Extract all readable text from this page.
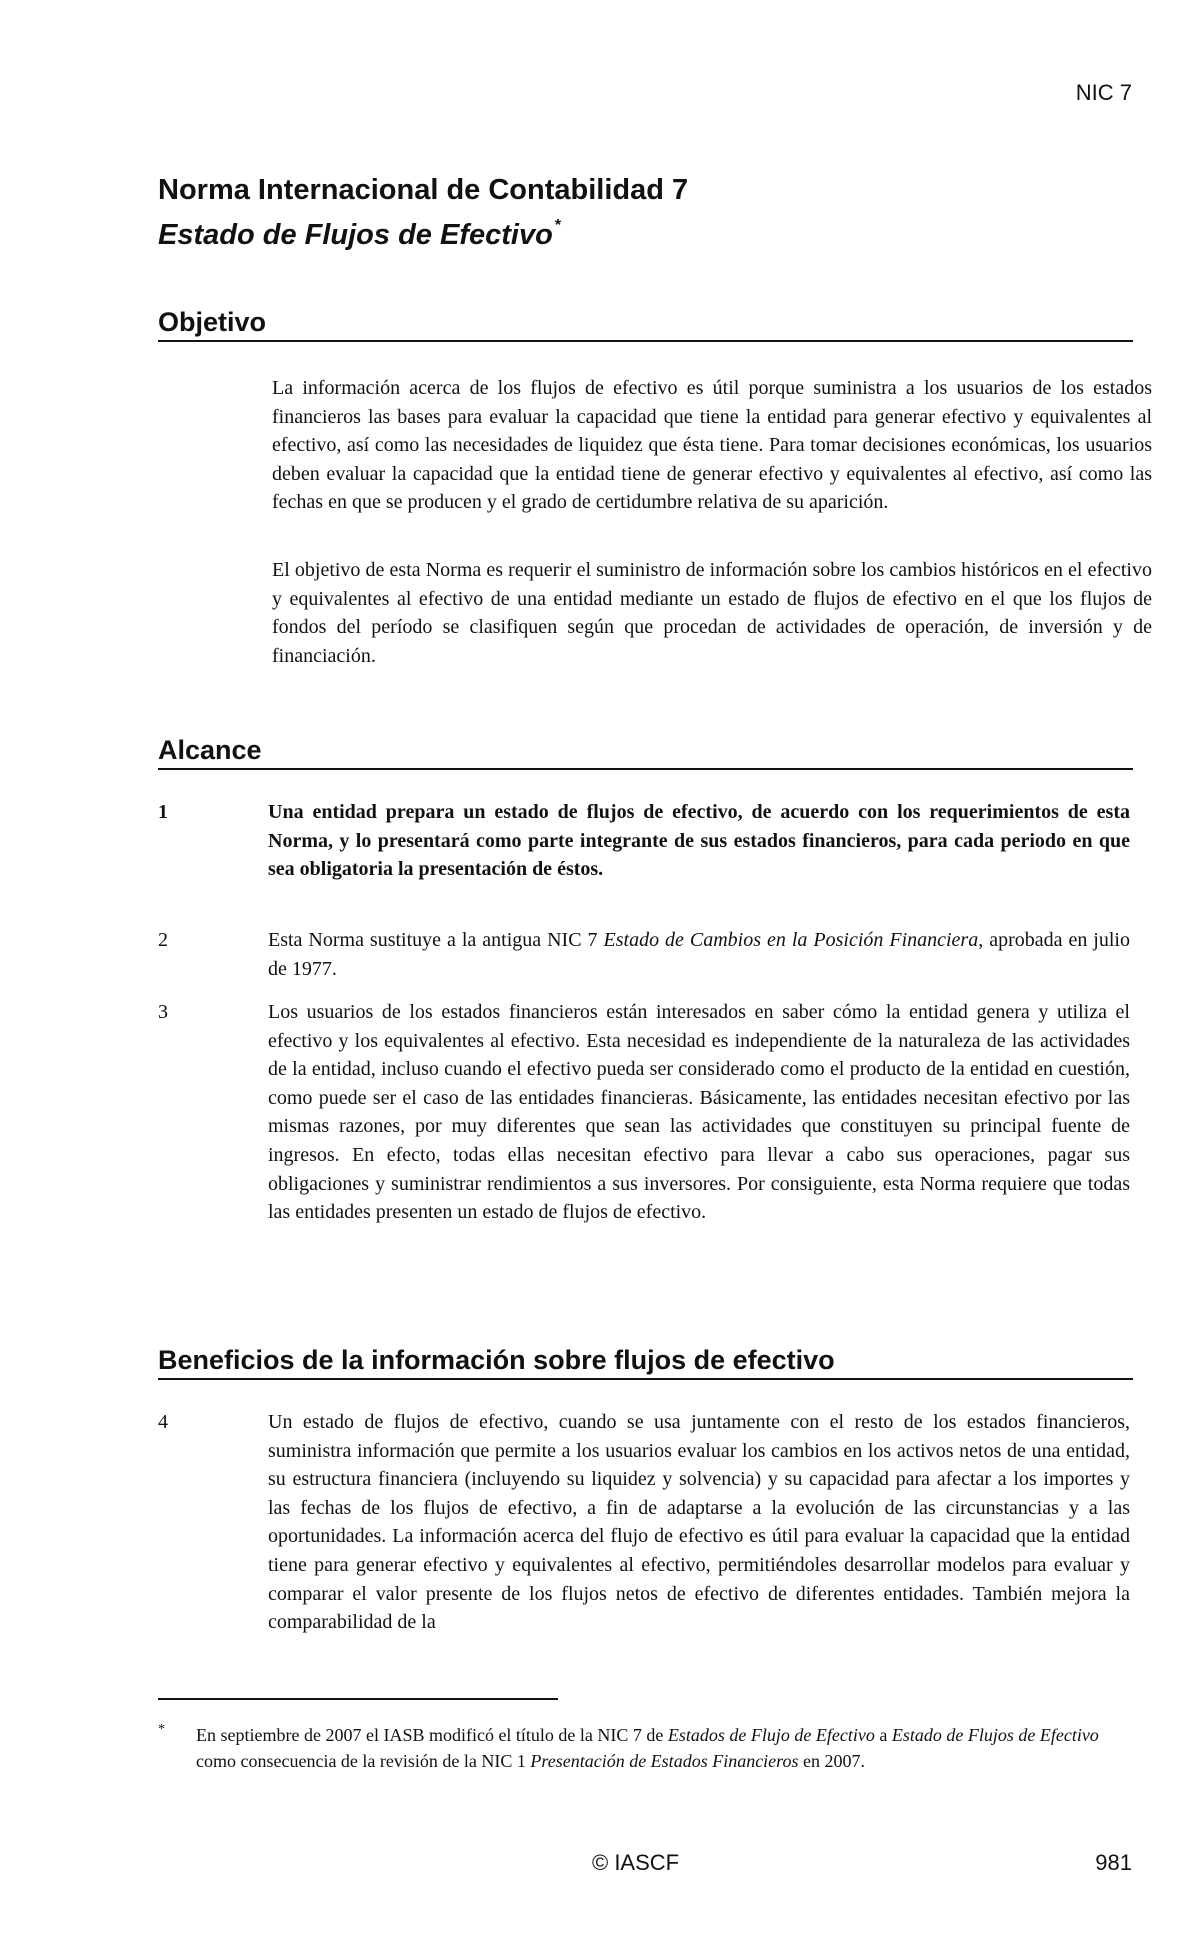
NIC 7
Norma Internacional de Contabilidad 7
Estado de Flujos de Efectivo *
Objetivo
La información acerca de los flujos de efectivo es útil porque suministra a los usuarios de los estados financieros las bases para evaluar la capacidad que tiene la entidad para generar efectivo y equivalentes al efectivo, así como las necesidades de liquidez que ésta tiene. Para tomar decisiones económicas, los usuarios deben evaluar la capacidad que la entidad tiene de generar efectivo y equivalentes al efectivo, así como las fechas en que se producen y el grado de certidumbre relativa de su aparición.
El objetivo de esta Norma es requerir el suministro de información sobre los cambios históricos en el efectivo y equivalentes al efectivo de una entidad mediante un estado de flujos de efectivo en el que los flujos de fondos del período se clasifiquen según que procedan de actividades de operación, de inversión y de financiación.
Alcance
1	Una entidad prepara un estado de flujos de efectivo, de acuerdo con los requerimientos de esta Norma, y lo presentará como parte integrante de sus estados financieros, para cada periodo en que sea obligatoria la presentación de éstos.
2	Esta Norma sustituye a la antigua NIC 7 Estado de Cambios en la Posición Financiera, aprobada en julio de 1977.
3	Los usuarios de los estados financieros están interesados en saber cómo la entidad genera y utiliza el efectivo y los equivalentes al efectivo. Esta necesidad es independiente de la naturaleza de las actividades de la entidad, incluso cuando el efectivo pueda ser considerado como el producto de la entidad en cuestión, como puede ser el caso de las entidades financieras. Básicamente, las entidades necesitan efectivo por las mismas razones, por muy diferentes que sean las actividades que constituyen su principal fuente de ingresos. En efecto, todas ellas necesitan efectivo para llevar a cabo sus operaciones, pagar sus obligaciones y suministrar rendimientos a sus inversores. Por consiguiente, esta Norma requiere que todas las entidades presenten un estado de flujos de efectivo.
Beneficios de la información sobre flujos de efectivo
4	Un estado de flujos de efectivo, cuando se usa juntamente con el resto de los estados financieros, suministra información que permite a los usuarios evaluar los cambios en los activos netos de una entidad, su estructura financiera (incluyendo su liquidez y solvencia) y su capacidad para afectar a los importes y las fechas de los flujos de efectivo, a fin de adaptarse a la evolución de las circunstancias y a las oportunidades. La información acerca del flujo de efectivo es útil para evaluar la capacidad que la entidad tiene para generar efectivo y equivalentes al efectivo, permitiéndoles desarrollar modelos para evaluar y comparar el valor presente de los flujos netos de efectivo de diferentes entidades. También mejora la comparabilidad de la
* En septiembre de 2007 el IASB modificó el título de la NIC 7 de Estados de Flujo de Efectivo a Estado de Flujos de Efectivo como consecuencia de la revisión de la NIC 1 Presentación de Estados Financieros en 2007.
© IASCF	981
